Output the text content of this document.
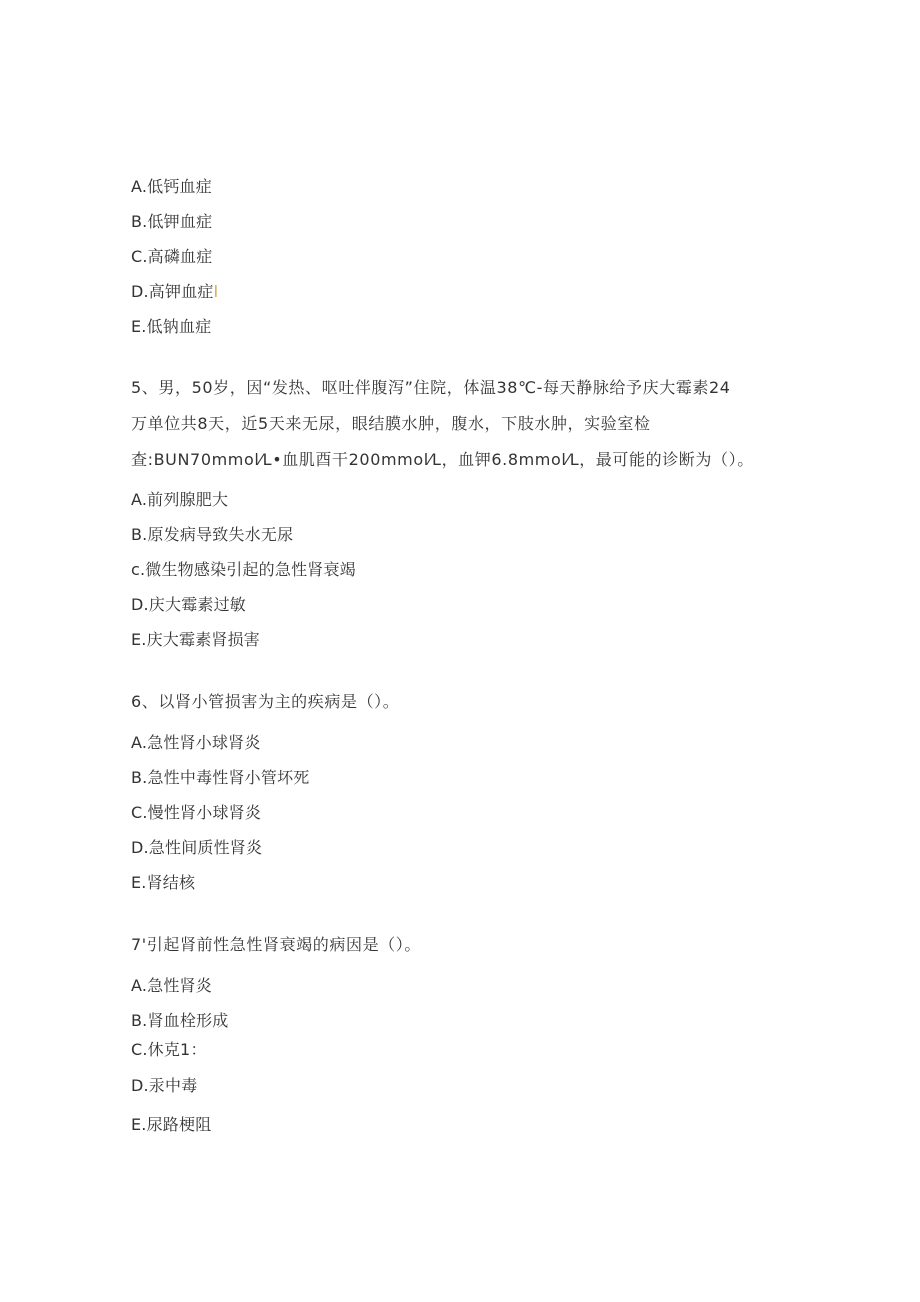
A.低钙血症
B.低钾血症
C.高磷血症
D.高钾血症l
E.低钠血症
5、男，50岁，因“发热、呕吐伴腹泻”住院，体温38℃-每天静脉给予庆大霉素24
万单位共8天，近5天来无尿，眼结膜水肿，腹水，下肢水肿，实验室检
查:BUN70mmol⁄L•血肌酉干200mmol⁄L，血钾6.8mmol⁄L，最可能的诊断为（）。
A.前列腺肥大
B.原发病导致失水无尿
c.微生物感染引起的急性肾衰竭
D.庆大霉素过敏
E.庆大霉素肾损害
6、以肾小管损害为主的疾病是（）。
A.急性肾小球肾炎
B.急性中毒性肾小管坏死
C.慢性肾小球肾炎
D.急性间质性肾炎
E.肾结核
7'引起肾前性急性肾衰竭的病因是（）。
A.急性肾炎
B.肾血栓形成
C.休克1：
D.汞中毒
E.尿路梗阻
